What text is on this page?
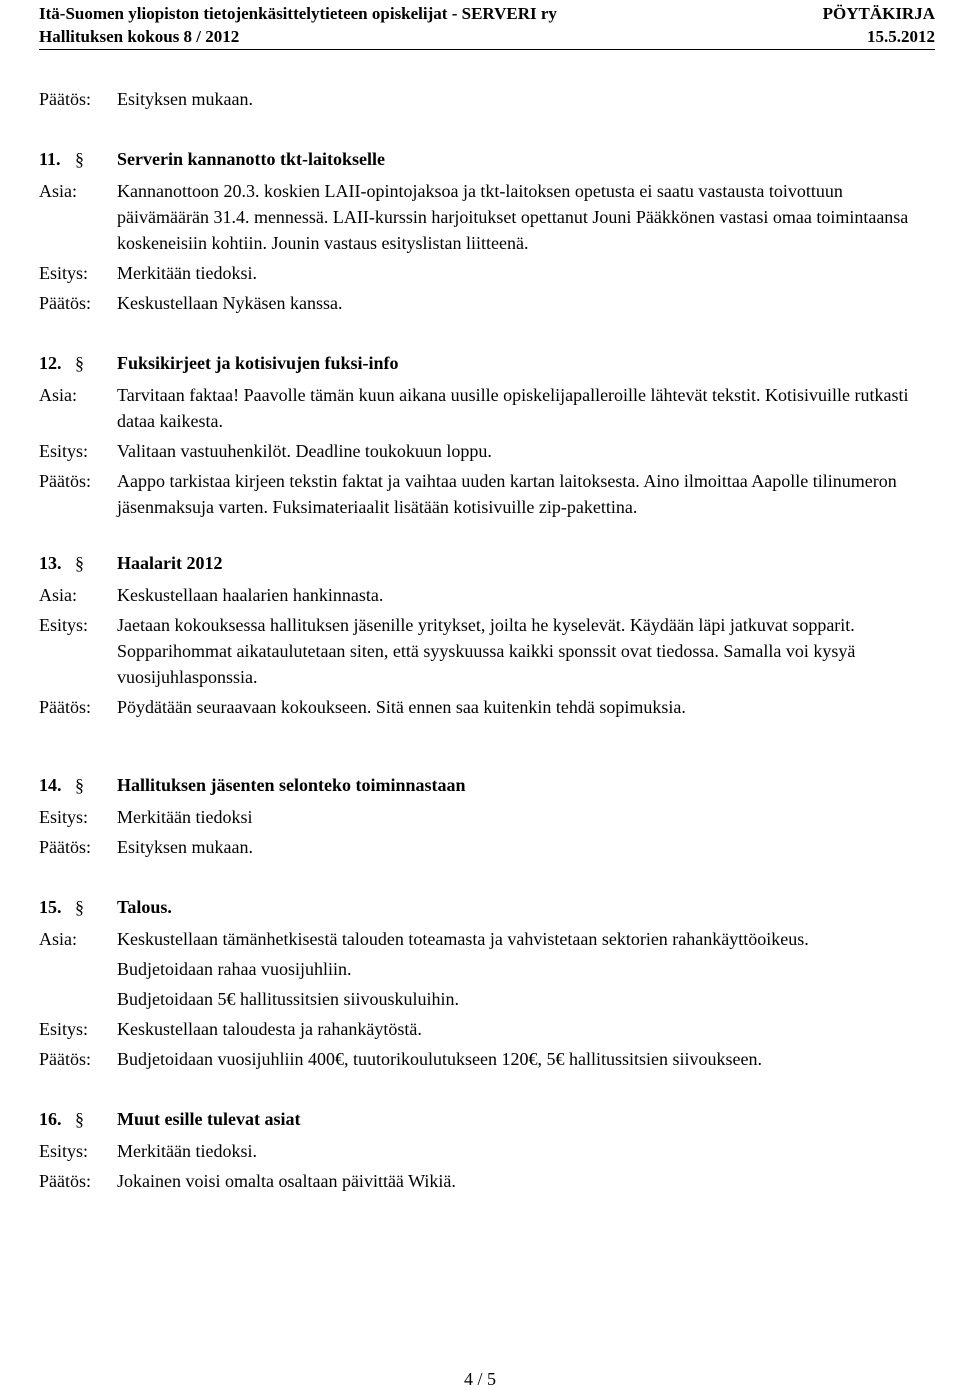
Itä-Suomen yliopiston tietojenkäsittelytieteen opiskelijat - SERVERI ry	PÖYTÄKIRJA
Hallituksen kokous 8 / 2012	15.5.2012
Päätös:	Esityksen mukaan.
11. §	Serverin kannanotto tkt-laitokselle
Asia:	Kannanottoon 20.3. koskien LAII-opintojaksoa ja tkt-laitoksen opetusta ei saatu vastausta toivottuun päivämäärän 31.4. mennessä. LAII-kurssin harjoitukset opettanut Jouni Pääkkönen vastasi omaa toimintaansa koskeneisiin kohtiin. Jounin vastaus esityslistan liitteenä.
Esitys:	Merkitään tiedoksi.
Päätös:	Keskustellaan Nykäsen kanssa.
12. §	Fuksikirjeet ja kotisivujen fuksi-info
Asia:	Tarvitaan faktaa! Paavolle tämän kuun aikana uusille opiskelijapalleroille lähtevät tekstit. Kotisivuille rutkasti dataa kaikesta.
Esitys:	Valitaan vastuuhenkilöt. Deadline toukokuun loppu.
Päätös:	Aappo tarkistaa kirjeen tekstin faktat ja vaihtaa uuden kartan laitoksesta. Aino ilmoittaa Aapolle tilinumeron jäsenmaksuja varten. Fuksimateriaalit lisätään kotisivuille zip-pakettina.
13. §	Haalarit 2012
Asia:	Keskustellaan haalarien hankinnasta.
Esitys:	Jaetaan kokouksessa hallituksen jäsenille yritykset, joilta he kyselevät. Käydään läpi jatkuvat sopparit. Sopparihommat aikataulutetaan siten, että syyskuussa kaikki sponssit ovat tiedossa. Samalla voi kysyä vuosijuhlasponssia.
Päätös:	Pöydätään seuraavaan kokoukseen. Sitä ennen saa kuitenkin tehdä sopimuksia.
14. §	Hallituksen jäsenten selonteko toiminnastaan
Esitys:	Merkitään tiedoksi
Päätös:	Esityksen mukaan.
15. §	Talous.
Asia:	Keskustellaan tämänhetkisestä talouden toteamasta ja vahvistetaan sektorien rahankäyttöoikeus.
Budjetoidaan rahaa vuosijuhliin.
Budjetoidaan 5€ hallitussitsien siivouskuluihin.
Esitys:	Keskustellaan taloudesta ja rahankäytöstä.
Päätös:	Budjetoidaan vuosijuhliin 400€, tuutorikoulutukseen 120€, 5€ hallitussitsien siivoukseen.
16. §	Muut esille tulevat asiat
Esitys:	Merkitään tiedoksi.
Päätös:	Jokainen voisi omalta osaltaan päivittää Wikiä.
4 / 5
